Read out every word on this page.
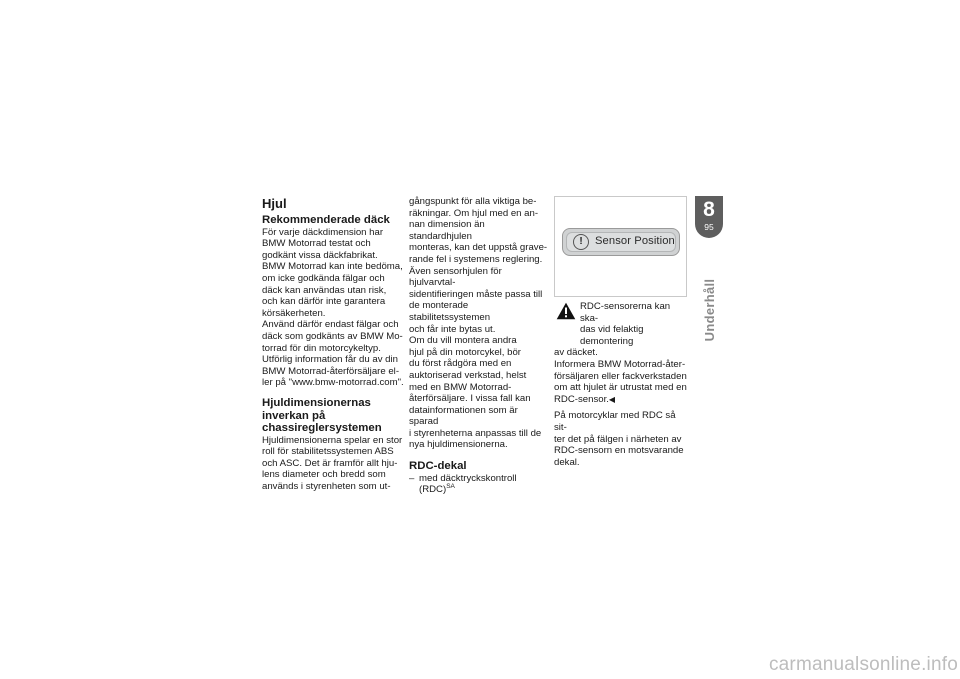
Hjul
Rekommenderade däck

För varje däckdimension har

BMW Motorrad testat och

godkänt vissa däckfabrikat.

BMW Motorrad kan inte bedöma,

om icke godkända fälgar och

däck kan användas utan risk,

och kan därför inte garantera

körsäkerheten.

Använd därför endast fälgar och

däck som godkänts av BMW Mo-

torrad för din motorcykeltyp.

Utförlig information får du av din

BMW Motorrad-återförsäljare el-

ler på "www.bmw-motorrad.com".

Hjuldimensionernas
inverkan på
chassireglersystemen

Hjuldimensionerna spelar en stor

roll för stabilitetssystemen ABS

och ASC. Det är framför allt hju-

lens diameter och bredd som

används i styrenheten som ut-

gångspunkt för alla viktiga be-

räkningar. Om hjul med en an-

nan dimension än standardhjulen

monteras, kan det uppstå grave-

rande fel i systemens reglering.

Även sensorhjulen för hjulvarvtal-

sidentifieringen måste passa till

de monterade stabilitetssystemen

och får inte bytas ut.

Om du vill montera andra

hjul på din motorcykel, bör

du först rådgöra med en

auktoriserad verkstad, helst

med en BMW Motorrad-

återförsäljare. I vissa fall kan

datainformationen som är sparad

i styrenheterna anpassas till de

nya hjuldimensionerna.

RDC-dekal
– med däcktryckskontroll
(RDC)$^{SA}$
!	Sensor Position

RDC-sensorerna kan ska-

das vid felaktig demontering

av däcket.

Informera BMW Motorrad-åter-

försäljaren eller fackverkstaden

om att hjulet är utrustat med en

RDC-sensor.◀

På motorcyklar med RDC så sit-

ter det på fälgen i närheten av

RDC-sensorn en motsvarande

dekal.

8
95
Underhåll
carmanualsonline.info
